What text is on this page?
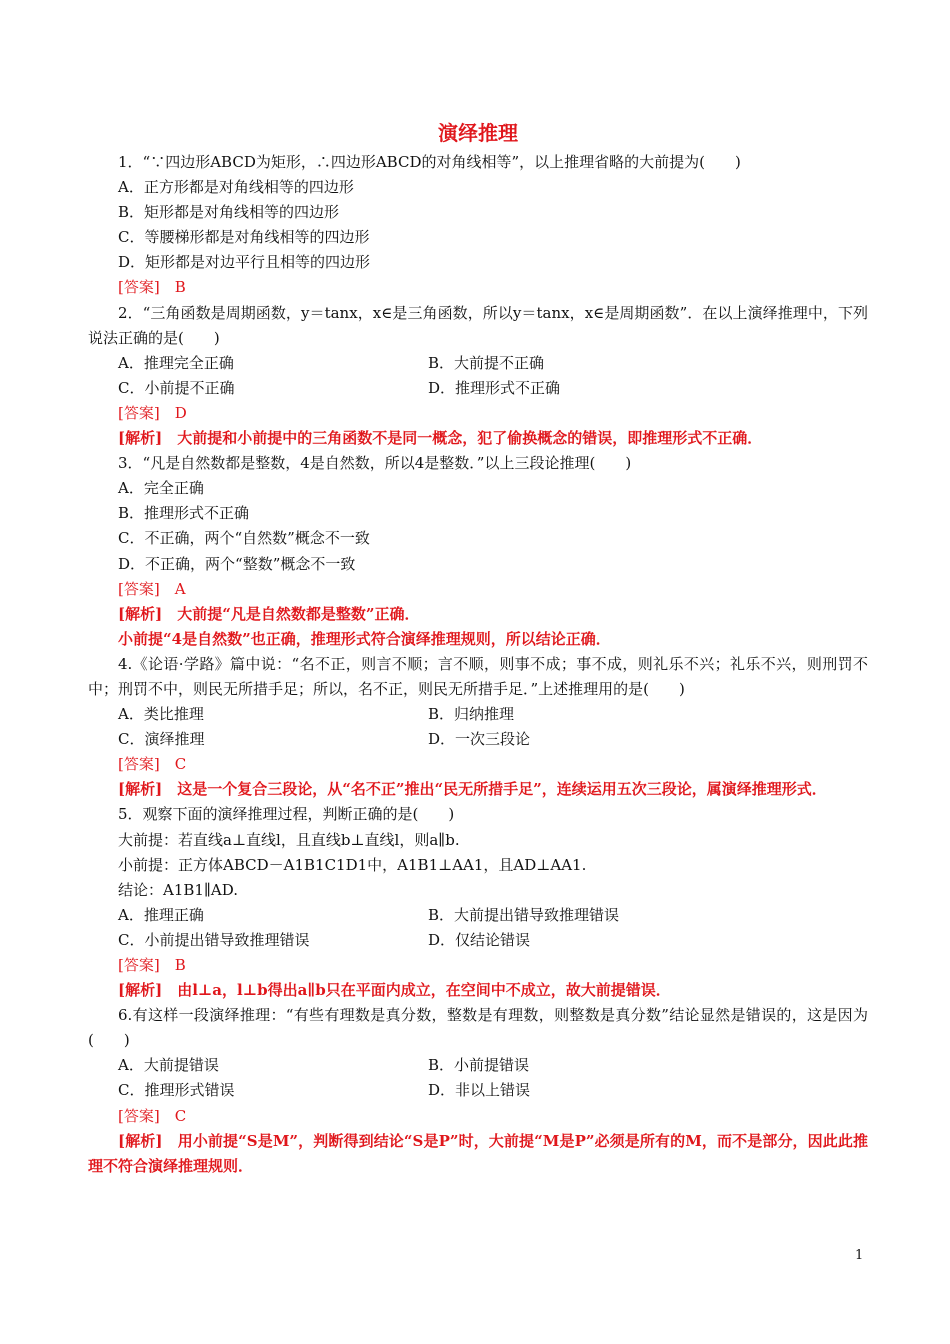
演绎推理
1．“∵四边形ABCD为矩形，∴四边形ABCD的对角线相等”，以上推理省略的大前提为(　　)
A．正方形都是对角线相等的四边形
B．矩形都是对角线相等的四边形
C．等腰梯形都是对角线相等的四边形
D．矩形都是对边平行且相等的四边形
[答案]　B
2．“三角函数是周期函数，y＝tanx，x∈是三角函数，所以y＝tanx，x∈是周期函数”．在以上演绎推理中，下列说法正确的是(　　)
A．推理完全正确	B．大前提不正确
C．小前提不正确	D．推理形式不正确
[答案]　D
[解析]　大前提和小前提中的三角函数不是同一概念，犯了偷换概念的错误，即推理形式不正确．
3．“凡是自然数都是整数，4是自然数，所以4是整数．”以上三段论推理(　　)
A．完全正确
B．推理形式不正确
C．不正确，两个“自然数”概念不一致
D．不正确，两个“整数”概念不一致
[答案]　A
[解析]　大前提“凡是自然数都是整数”正确．
小前提“4是自然数”也正确，推理形式符合演绎推理规则，所以结论正确．
4.《论语·学路》篇中说：“名不正，则言不顺；言不顺，则事不成；事不成，则礼乐不兴；礼乐不兴，则刑罚不中；刑罚不中，则民无所措手足；所以，名不正，则民无所措手足．”上述推理用的是(　　)
A．类比推理	B．归纳推理
C．演绎推理	D．一次三段论
[答案]　C
[解析]　这是一个复合三段论，从“名不正”推出“民无所措手足”，连续运用五次三段论，属演绎推理形式．
5．观察下面的演绎推理过程，判断正确的是(　　)
大前提：若直线a⊥直线l，且直线b⊥直线l，则a∥b.
小前提：正方体ABCD－A1B1C1D1中，A1B1⊥AA1，且AD⊥AA1.
结论：A1B1∥AD.
A．推理正确	B．大前提出错导致推理错误
C．小前提出错导致推理错误	D．仅结论错误
[答案]　B
[解析]　由l⊥a，l⊥b得出a∥b只在平面内成立，在空间中不成立，故大前提错误．
6.有这样一段演绎推理：“有些有理数是真分数，整数是有理数，则整数是真分数”结论显然是错误的，这是因为(　　)
A．大前提错误	B．小前提错误
C．推理形式错误	D．非以上错误
[答案]　C
[解析]　用小前提“S是M”，判断得到结论“S是P”时，大前提“M是P”必须是所有的M，而不是部分，因此此推理不符合演绎推理规则．
1
